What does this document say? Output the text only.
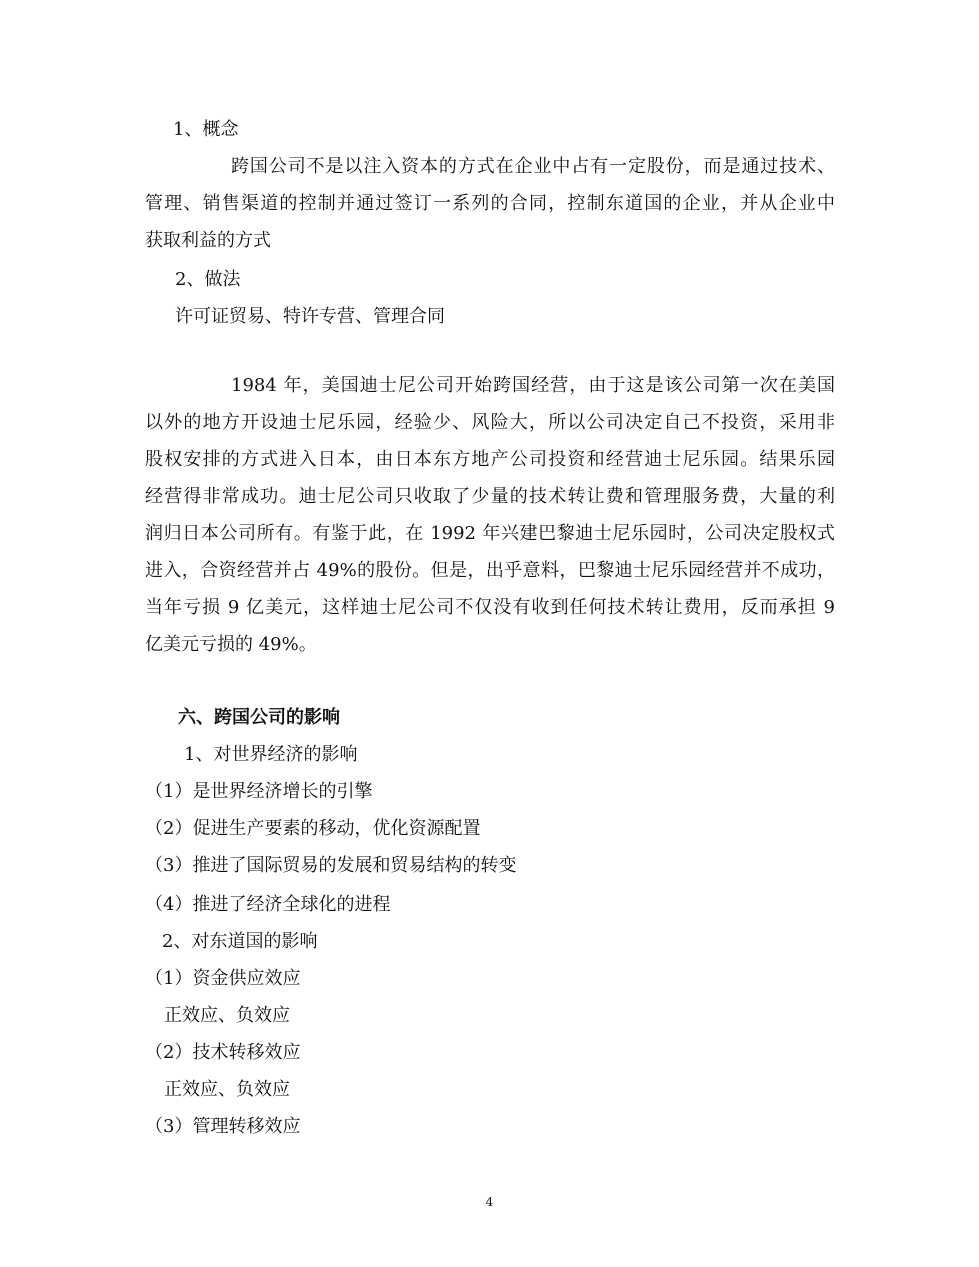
1、概念
跨国公司不是以注入资本的方式在企业中占有一定股份，而是通过技术、
管理、销售渠道的控制并通过签订一系列的合同，控制东道国的企业，并从企业中
获取利益的方式
2、做法
许可证贸易、特许专营、管理合同
1984 年，美国迪士尼公司开始跨国经营，由于这是该公司第一次在美国
以外的地方开设迪士尼乐园，经验少、风险大，所以公司决定自己不投资，采用非
股权安排的方式进入日本，由日本东方地产公司投资和经营迪士尼乐园。结果乐园
经营得非常成功。迪士尼公司只收取了少量的技术转让费和管理服务费，大量的利
润归日本公司所有。有鉴于此，在 1992 年兴建巴黎迪士尼乐园时，公司决定股权式
进入，合资经营并占 49%的股份。但是，出乎意料，巴黎迪士尼乐园经营并不成功，
当年亏损 9 亿美元，这样迪士尼公司不仅没有收到任何技术转让费用，反而承担 9
亿美元亏损的 49%。
六、跨国公司的影响
1、对世界经济的影响
（1）是世界经济增长的引擎
（2）促进生产要素的移动，优化资源配置
（3）推进了国际贸易的发展和贸易结构的转变
（4）推进了经济全球化的进程
2、对东道国的影响
（1）资金供应效应
正效应、负效应
（2）技术转移效应
正效应、负效应
（3）管理转移效应
4
